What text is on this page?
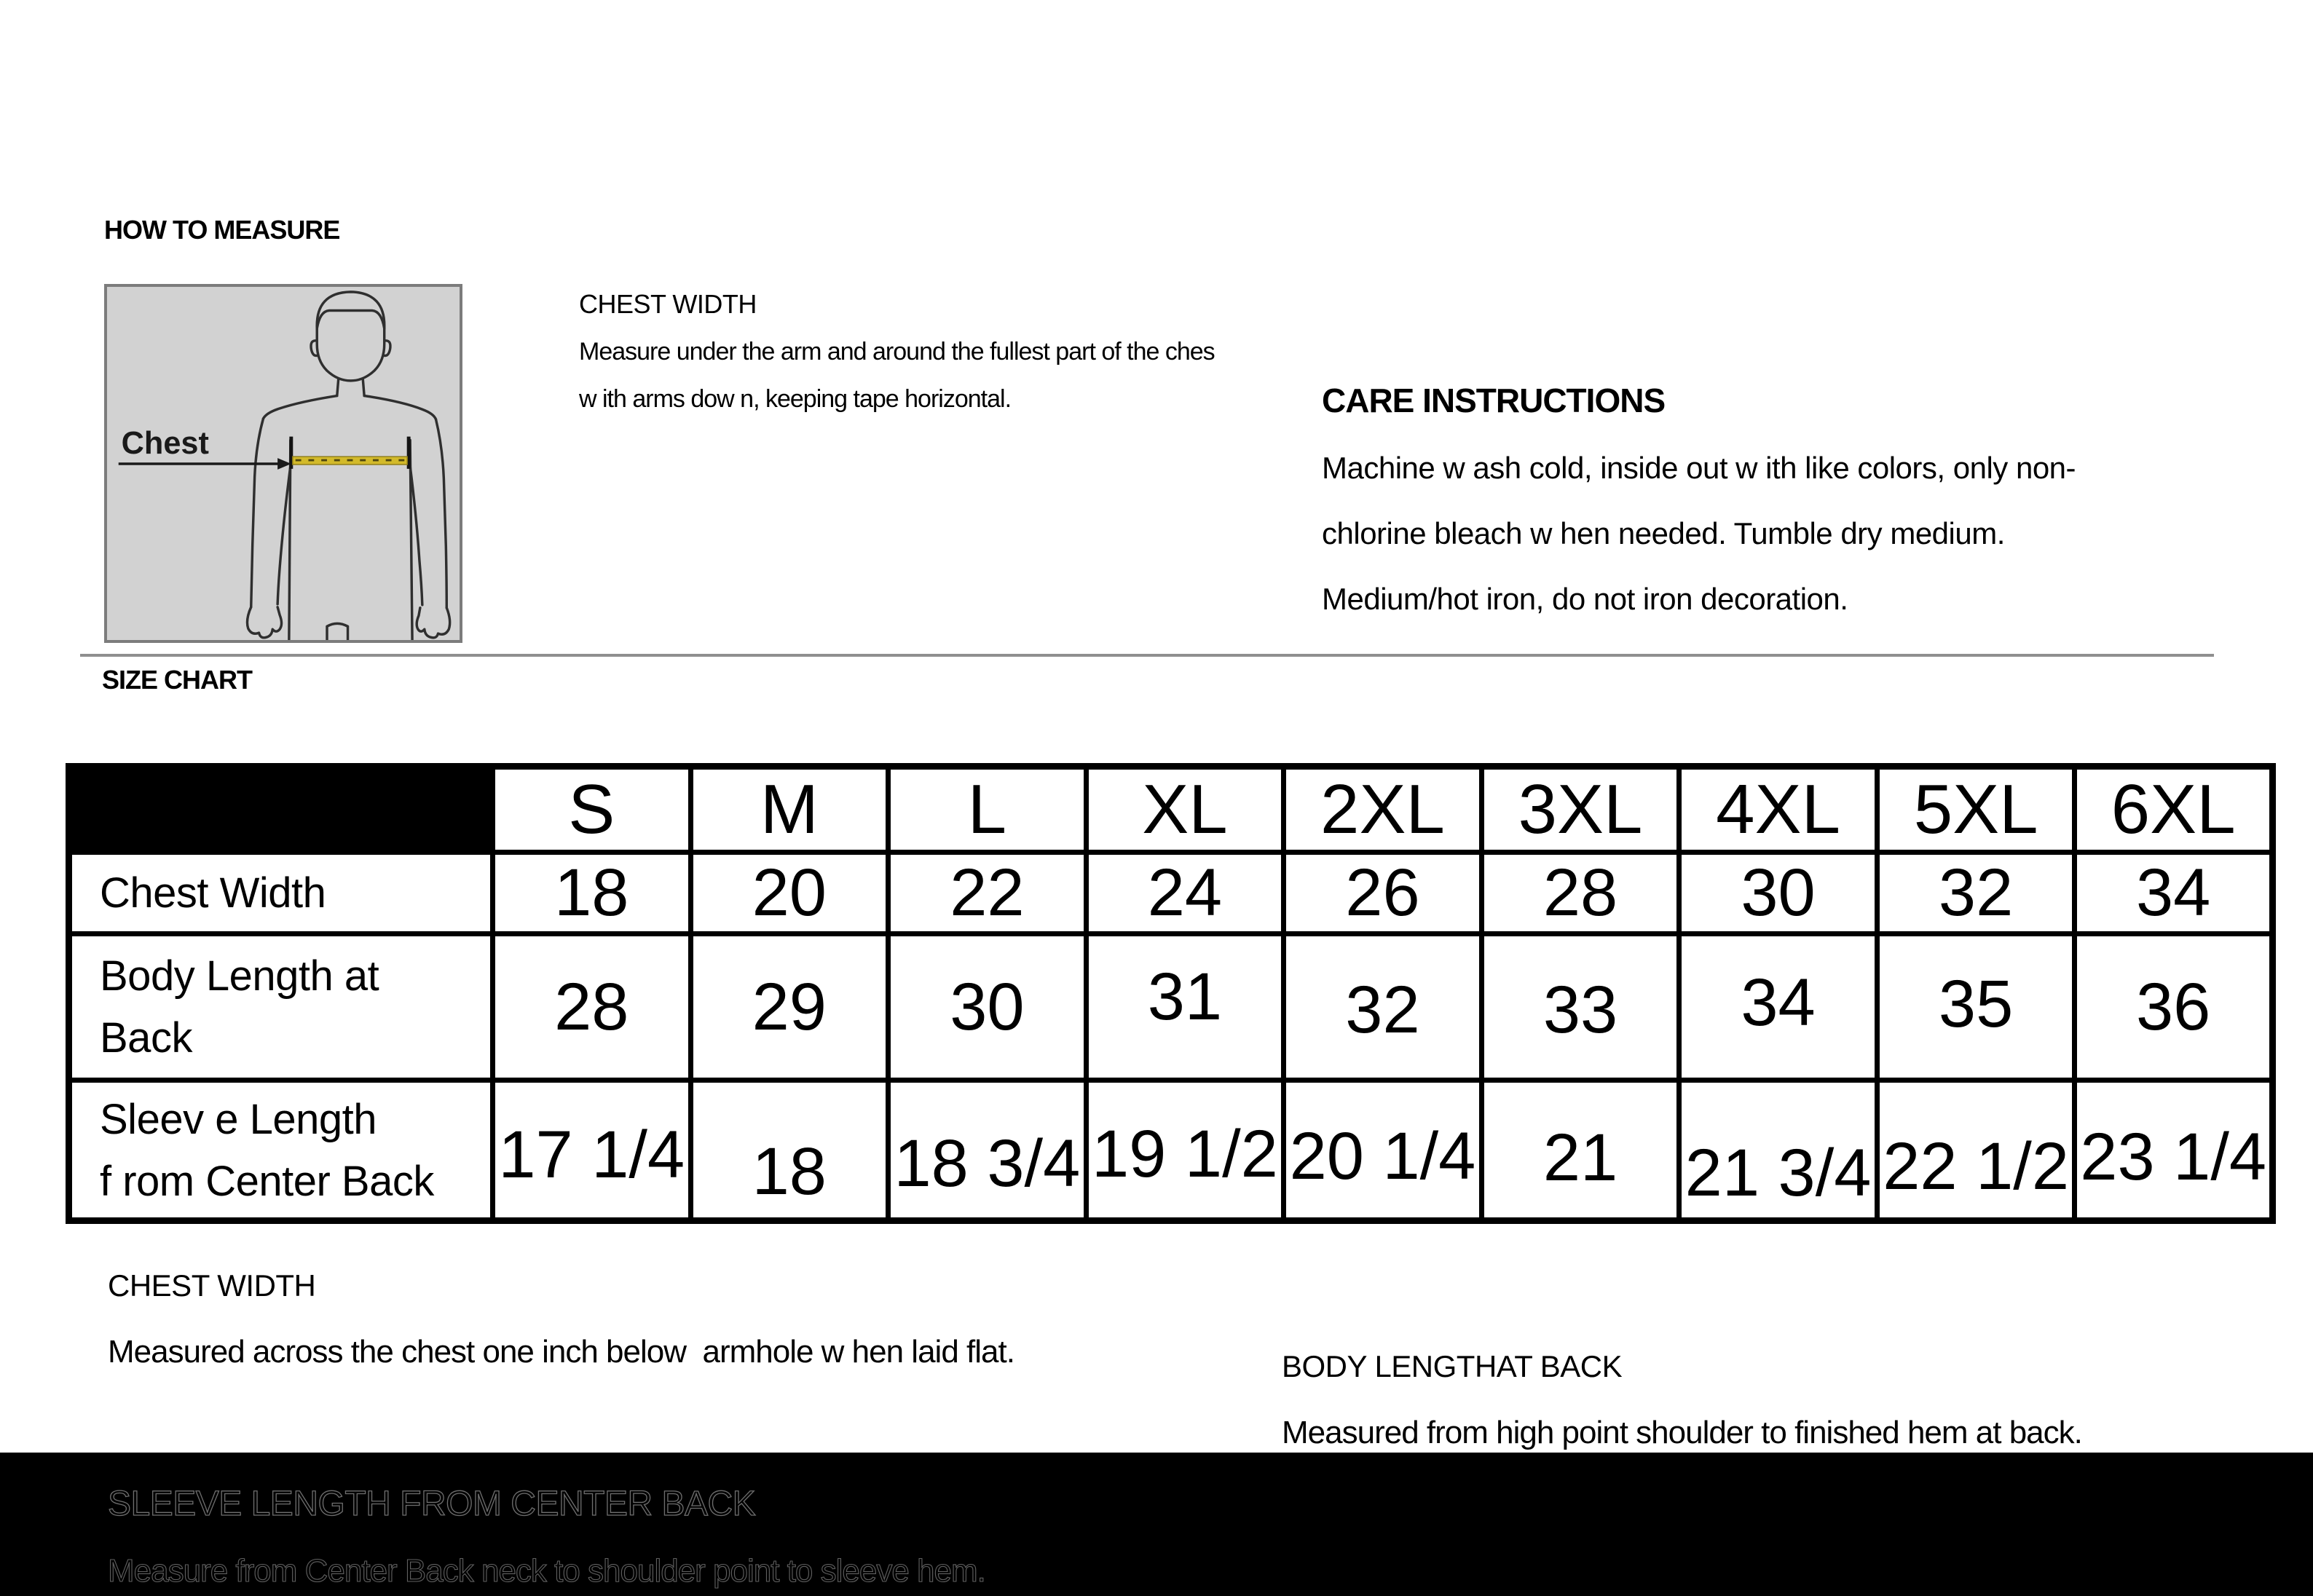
HOW TO MEASURE
Chest
CHEST WIDTH
Measure under the arm and around the fullest part of the ches
w ith arms dow n, keeping tape horizontal.	CARE INSTRUCTIONS
Machine w ash cold, inside out w ith like colors, only non-
chlorine bleach w hen needed. Tumble dry medium.
Medium/hot iron, do not iron decoration.
SIZE CHART
	S	M	L	XL	2XL	3XL	4XL	5XL	6XL

Chest Width	18	20	22	24	26	28	30	32	34

Body Length at
Back	28	29	30	31	32	33	34	35	36

Sleev e Length
f rom Center Back	17 1/4	18	18 3/4	19 1/2	20 1/4	21	21 3/4	22 1/2	23 1/4
CHEST WIDTH
Measured across the chest one inch below  armhole w hen laid flat.	BODY LENGTHAT BACK
Measured from high point shoulder to finished hem at back.
SLEEVE LENGTH FROM CENTER BACK
Measure from Center Back neck to shoulder point to sleeve hem.
